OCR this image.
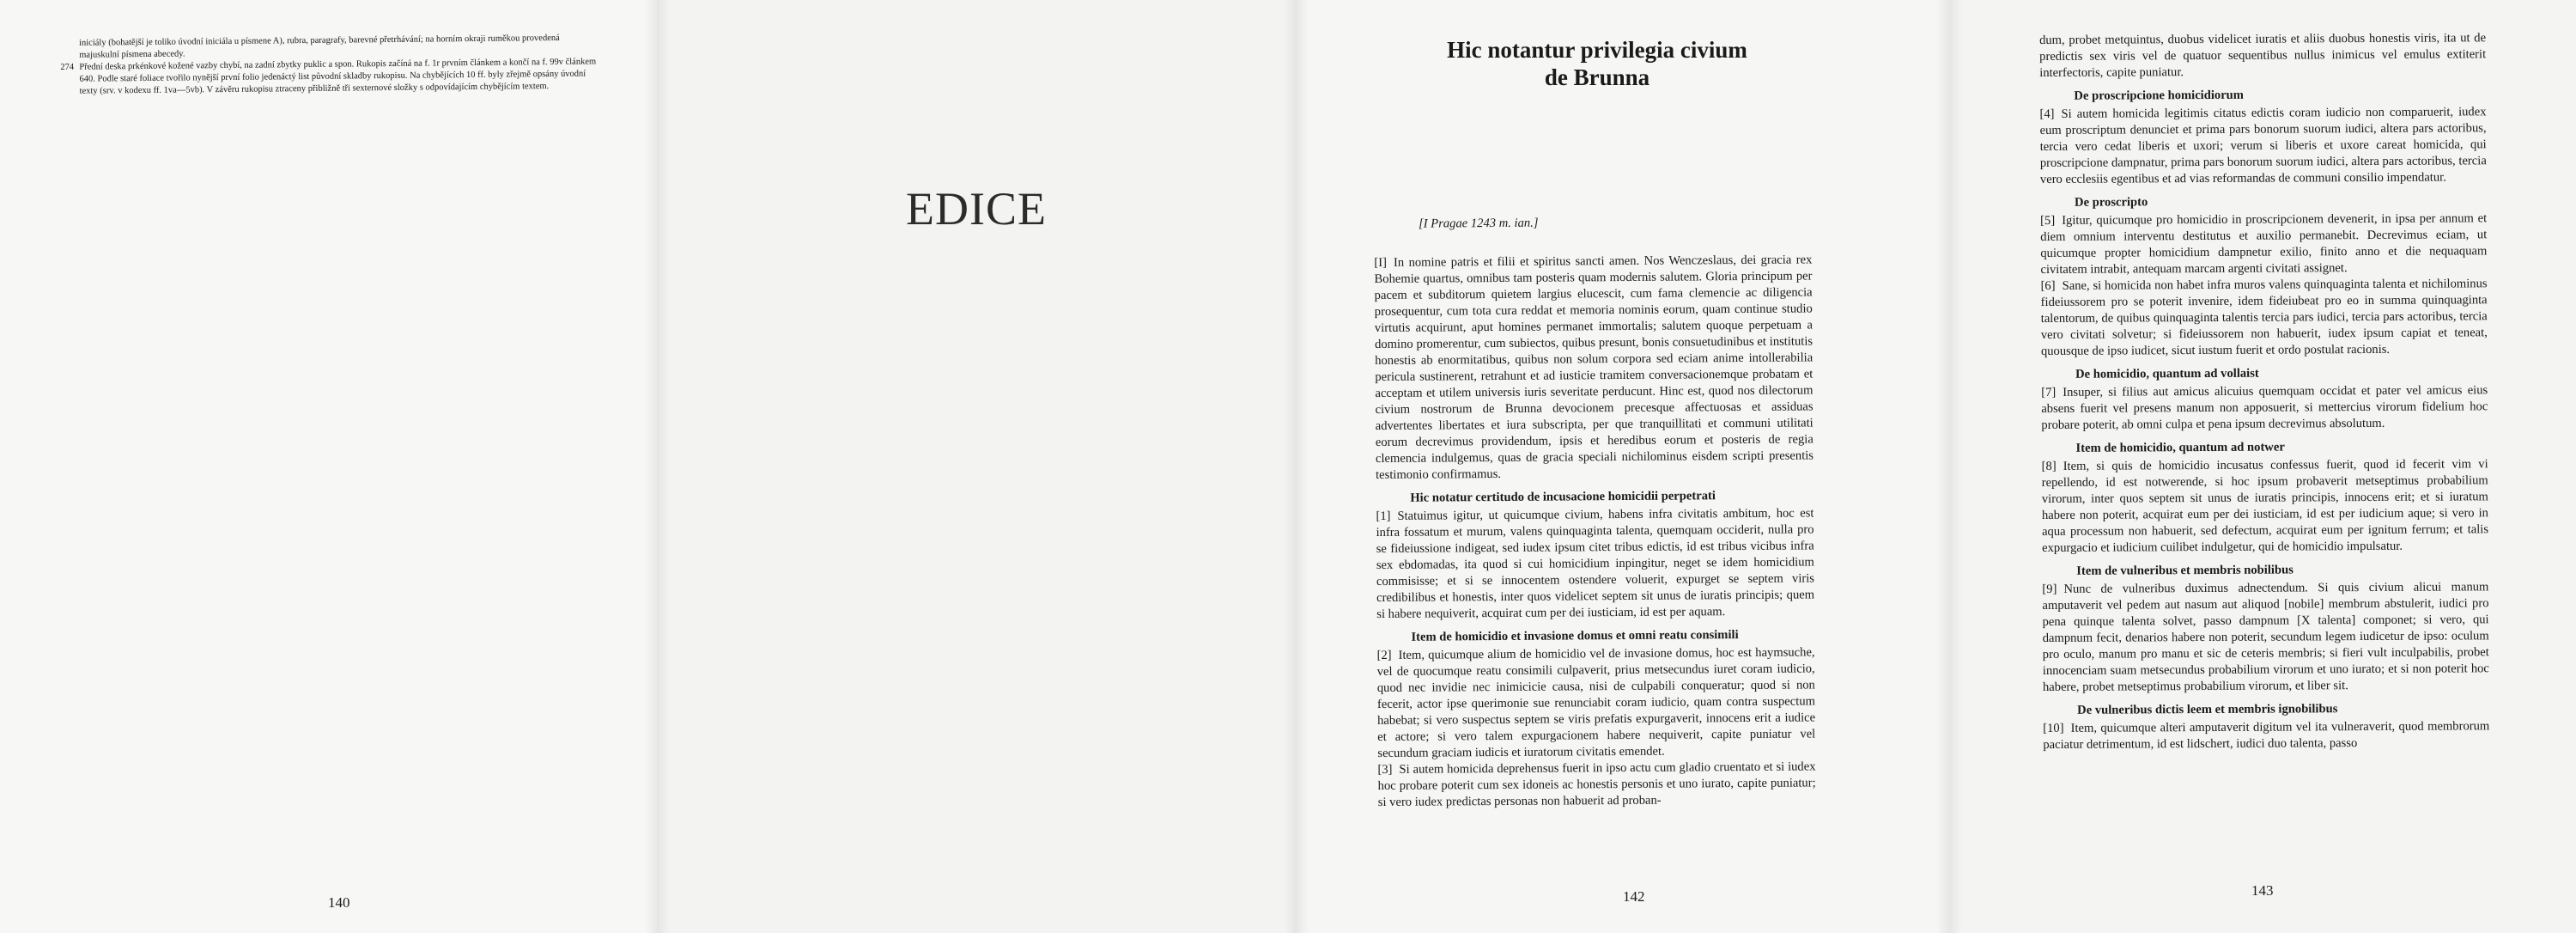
iniciály (bohatější je toliko úvodní iniciála u písmene A), rubra, paragrafy, barevné přetrhávání; na horním okraji ruměkou provedená majuskulní písmena abecedy.

274 Přední deska prkénkové kožené vazby chybí, na zadní zbytky puklic a spon. Rukopis začíná na f. 1r prvním článkem a končí na f. 99v článkem 640. Podle staré foliace tvořilo nynější první folio jedenáctý list původní skladby rukopisu. Na chybějících 10 ff. byly zřejmě opsány úvodní texty (srv. v kodexu ff. 1va—5vb). V závěru rukopisu ztraceny přibližně tři sexternové složky s odpovídajícím chybějícím textem.

140
EDICE
Hic notantur privilegia civium
de Brunna
[I Pragae 1243 m. ian.]

[I] In nomine patris et filii et spiritus sancti amen. Nos Wenczeslaus, dei gracia rex Bohemie quartus, omnibus tam posteris quam modernis salutem. Gloria principum per pacem et subditorum quietem largius elucescit, cum fama clemencie ac diligencia prosequentur, cum tota cura reddat et memoria nominis eorum, quam continue studio virtutis acquirunt, aput homines permanet immortalis; salutem quoque perpetuam a domino promerentur, cum subiectos, quibus presunt, bonis consuetudinibus et institutis honestis ab enormitatibus, quibus non solum corpora sed eciam anime intollerabilia pericula sustinerent, retrahunt et ad iusticie tramitem conversacionemque probatam et acceptam et utilem universis iuris severitate perducunt. Hinc est, quod nos dilectorum civium nostrorum de Brunna devocionem precesque affectuosas et assiduas advertentes libertates et iura subscripta, per que tranquillitati et communi utilitati eorum decrevimus providendum, ipsis et heredibus eorum et posteris de regia clemencia indulgemus, quas de gracia speciali nichilominus eisdem scripti presentis testimonio confirmamus.

Hic notatur certitudo de incusacione homicidii perpetrati

[1] Statuimus igitur, ut quicumque civium, habens infra civitatis ambitum, hoc est infra fossatum et murum, valens quinquaginta talenta, quemquam occiderit, nulla pro se fideiussione indigeat, sed iudex ipsum citet tribus edictis, id est tribus vicibus infra sex ebdomadas, ita quod si cui homicidium inpingitur, neget se idem homicidium commisisse; et si se innocentem ostendere voluerit, expurget se septem viris credibilibus et honestis, inter quos videlicet septem sit unus de iuratis principis; quem si habere nequiverit, acquirat cum per dei iusticiam, id est per aquam.

Item de homicidio et invasione domus et omni reatu consimili

[2] Item, quicumque alium de homicidio vel de invasione domus, hoc est haymsuche, vel de quocumque reatu consimili culpaverit, prius metsecundus iuret coram iudicio, quod nec invidie nec inimicicie causa, nisi de culpabili conqueratur; quod si non fecerit, actor ipse querimonie sue renunciabit coram iudicio, quam contra suspectum habebat; si vero suspectus septem se viris prefatis expurgaverit, innocens erit a iudice et actore; si vero talem expurgacionem habere nequiverit, capite puniatur vel secundum graciam iudicis et iuratorum civitatis emendet.

[3] Si autem homicida deprehensus fuerit in ipso actu cum gladio cruentato et si iudex hoc probare poterit cum sex idoneis ac honestis personis et uno iurato, capite puniatur; si vero iudex predictas personas non habuerit ad proban-

142

dum, probet metquintus, duobus videlicet iuratis et aliis duobus honestis viris, ita ut de predictis sex viris vel de quatuor sequentibus nullus inimicus vel emulus extiterit interfectoris, capite puniatur.

De proscripcione homicidiorum

[4] Si autem homicida legitimis citatus edictis coram iudicio non comparuerit, iudex eum proscriptum denunciet et prima pars bonorum suorum iudici, altera pars actoribus, tercia vero cedat liberis et uxori; verum si liberis et uxore careat homicida, qui proscripcione dampnatur, prima pars bonorum suorum iudici, altera pars actoribus, tercia vero ecclesiis egentibus et ad vias reformandas de communi consilio impendatur.

De proscripto

[5] Igitur, quicumque pro homicidio in proscripcionem devenerit, in ipsa per annum et diem omnium interventu destitutus et auxilio permanebit. Decrevimus eciam, ut quicumque propter homicidium dampnetur exilio, finito anno et die nequaquam civitatem intrabit, antequam marcam argenti civitati assignet.

[6] Sane, si homicida non habet infra muros valens quinquaginta talenta et nichilominus fideiussorem pro se poterit invenire, idem fideiubeat pro eo in summa quinquaginta talentorum, de quibus quinquaginta talentis tercia pars iudici, tercia pars actoribus, tercia vero civitati solvetur; si fideiussorem non habuerit, iudex ipsum capiat et teneat, quousque de ipso iudicet, sicut iustum fuerit et ordo postulat racionis.

De homicidio, quantum ad vollaist

[7] Insuper, si filius aut amicus alicuius quemquam occidat et pater vel amicus eius absens fuerit vel presens manum non apposuerit, si mettercius virorum fidelium hoc probare poterit, ab omni culpa et pena ipsum decrevimus absolutum.

Item de homicidio, quantum ad notwer

[8] Item, si quis de homicidio incusatus confessus fuerit, quod id fecerit vim vi repellendo, id est notwerende, si hoc ipsum probaverit metseptimus probabilium virorum, inter quos septem sit unus de iuratis principis, innocens erit; et si iuratum habere non poterit, acquirat eum per dei iusticiam, id est per iudicium aque; si vero in aqua processum non habuerit, sed defectum, acquirat eum per ignitum ferrum; et talis expurgacio et iudicium cuilibet indulgetur, qui de homicidio impulsatur.

Item de vulneribus et membris nobilibus

[9] Nunc de vulneribus duximus adnectendum. Si quis civium alicui manum amputaverit vel pedem aut nasum aut aliquod [nobile] membrum abstulerit, iudici pro pena quinque talenta solvet, passo dampnum [X talenta] componet; si vero, qui dampnum fecit, denarios habere non poterit, secundum legem iudicetur de ipso: oculum pro oculo, manum pro manu et sic de ceteris membris; si fieri vult inculpabilis, probet innocenciam suam metsecundus probabilium virorum et uno iurato; et si non poterit hoc habere, probet metseptimus probabilium virorum, et liber sit.

De vulneribus dictis leem et membris ignobilibus

[10] Item, quicumque alteri amputaverit digitum vel ita vulneraverit, quod membrorum paciatur detrimentum, id est lidschert, iudici duo talenta, passo

143
